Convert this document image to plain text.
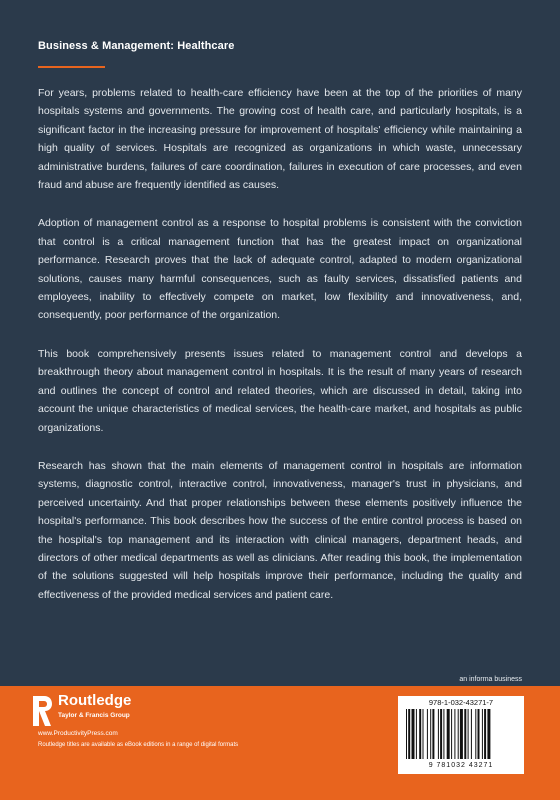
Business & Management: Healthcare

For years, problems related to health-care efficiency have been at the top of the priorities of many hospitals systems and governments. The growing cost of health care, and particularly hospitals, is a significant factor in the increasing pressure for improvement of hospitals' efficiency while maintaining a high quality of services. Hospitals are recognized as organizations in which waste, unnecessary administrative burdens, failures of care coordination, failures in execution of care processes, and even fraud and abuse are frequently identified as causes.

Adoption of management control as a response to hospital problems is consistent with the conviction that control is a critical management function that has the greatest impact on organizational performance. Research proves that the lack of adequate control, adapted to modern organizational solutions, causes many harmful consequences, such as faulty services, dissatisfied patients and employees, inability to effectively compete on market, low flexibility and innovativeness, and, consequently, poor performance of the organization.

This book comprehensively presents issues related to management control and develops a breakthrough theory about management control in hospitals. It is the result of many years of research and outlines the concept of control and related theories, which are discussed in detail, taking into account the unique characteristics of medical services, the health-care market, and hospitals as public organizations.

Research has shown that the main elements of management control in hospitals are information systems, diagnostic control, interactive control, innovativeness, manager's trust in physicians, and perceived uncertainty. And that proper relationships between these elements positively influence the hospital's performance. This book describes how the success of the entire control process is based on the hospital's top management and its interaction with clinical managers, department heads, and directors of other medical departments as well as clinicians. After reading this book, the implementation of the solutions suggested will help hospitals improve their performance, including the quality and effectiveness of the provided medical services and patient care.

an informa business
Routledge
Taylor & Francis Group
www.ProductivityPress.com
Routledge titles are available as eBook editions in a range of digital formats
978-1-032-43271-7
9 781032 43271
